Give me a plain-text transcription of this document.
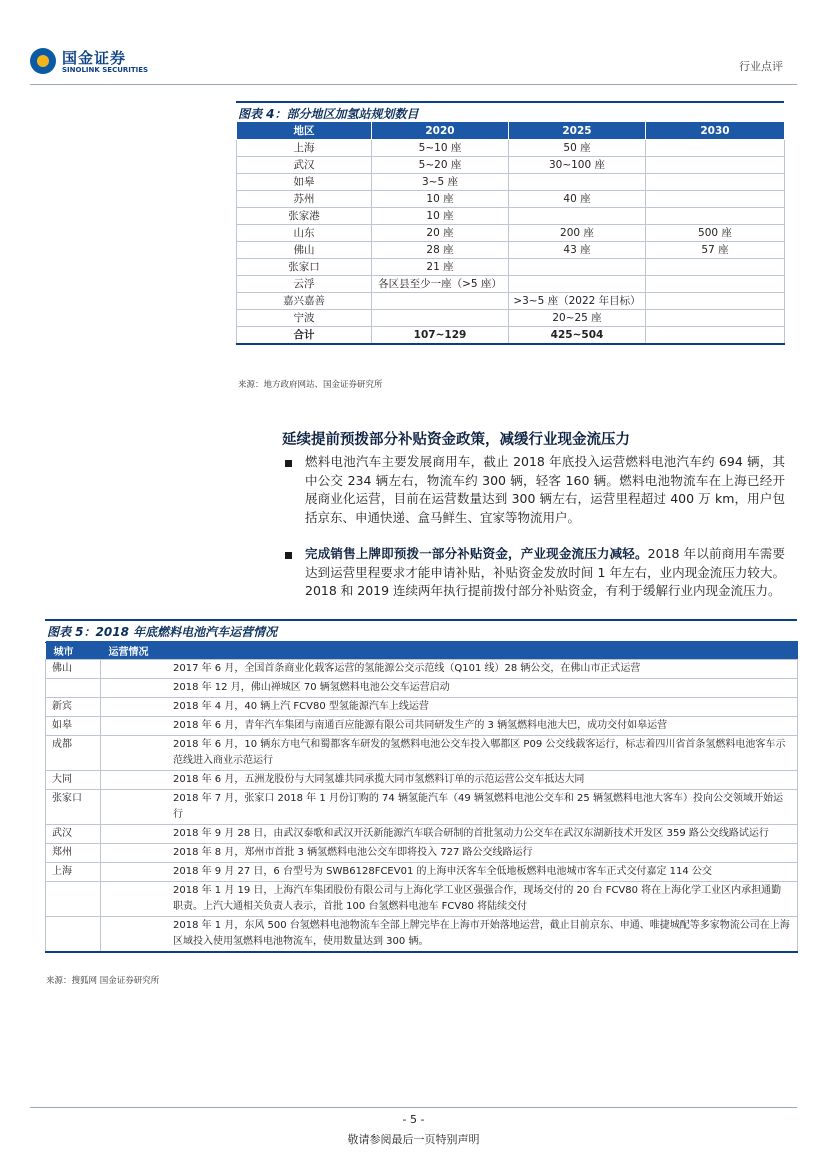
国金证券
SINOLINK SECURITIES	行业点评
图表 4：部分地区加氢站规划数目
地区	2020	2025	2030
上海	5~10 座	50 座	
武汉	5~20 座	30~100 座	
如皋	3~5 座		
苏州	10 座	40 座	
张家港	10 座		
山东	20 座	200 座	500 座
佛山	28 座	43 座	57 座
张家口	21 座		
云浮	各区县至少一座（>5 座）		
嘉兴嘉善		>3~5 座（2022 年目标）	
宁波		20~25 座	
合计	107~129	425~504	
来源：地方政府网站、国金证券研究所
延续提前预拨部分补贴资金政策，减缓行业现金流压力
燃料电池汽车主要发展商用车，截止 2018 年底投入运营燃料电池汽车约 694 辆，其中公交 234 辆左右，物流车约 300 辆，轻客 160 辆。燃料电池物流车在上海已经开展商业化运营，目前在运营数量达到 300 辆左右，运营里程超过 400 万 km，用户包括京东、申通快递、盒马鲜生、宜家等物流用户。
完成销售上牌即预拨一部分补贴资金，产业现金流压力减轻。2018 年以前商用车需要达到运营里程要求才能申请补贴，补贴资金发放时间 1 年左右，业内现金流压力较大。2018 和 2019 连续两年执行提前拨付部分补贴资金，有利于缓解行业内现金流压力。
图表 5：2018 年底燃料电池汽车运营情况
城市	运营情况
佛山	2017 年 6 月，全国首条商业化载客运营的氢能源公交示范线（Q101 线）28 辆公交，在佛山市正式运营
	2018 年 12 月，佛山禅城区 70 辆氢燃料电池公交车运营启动
新宾	2018 年 4 月，40 辆上汽 FCV80 型氢能源汽车上线运营
如皋	2018 年 6 月，青年汽车集团与南通百应能源有限公司共同研发生产的 3 辆氢燃料电池大巴，成功交付如皋运营
成都	2018 年 6 月，10 辆东方电气和蜀都客车研发的氢燃料电池公交车投入郫都区 P09 公交线载客运行，标志着四川省首条氢燃料电池客车示范线进入商业示范运行
大同	2018 年 6 月，五洲龙股份与大同氢雄共同承揽大同市氢燃料订单的示范运营公交车抵达大同
张家口	2018 年 7 月，张家口 2018 年 1 月份订购的 74 辆氢能汽车（49 辆氢燃料电池公交车和 25 辆氢燃料电池大客车）投向公交领域开始运行
武汉	2018 年 9 月 28 日，由武汉泰歌和武汉开沃新能源汽车联合研制的首批氢动力公交车在武汉东湖新技术开发区 359 路公交线路试运行
郑州	2018 年 8 月，郑州市首批 3 辆氢燃料电池公交车即将投入 727 路公交线路运行
上海	2018 年 9 月 27 日，6 台型号为 SWB6128FCEV01 的上海申沃客车全低地板燃料电池城市客车正式交付嘉定 114 公交
	2018 年 1 月 19 日，上海汽车集团股份有限公司与上海化学工业区强强合作，现场交付的 20 台 FCV80 将在上海化学工业区内承担通勤职责。上汽大通相关负责人表示，首批 100 台氢燃料电池车 FCV80 将陆续交付
	2018 年 1 月，东风 500 台氢燃料电池物流车全部上牌完毕在上海市开始落地运营，截止目前京东、申通、唯捷城配等多家物流公司在上海区域投入使用氢燃料电池物流车，使用数量达到 300 辆。
来源：搜狐网 国金证券研究所
- 5 -
敬请参阅最后一页特别声明
